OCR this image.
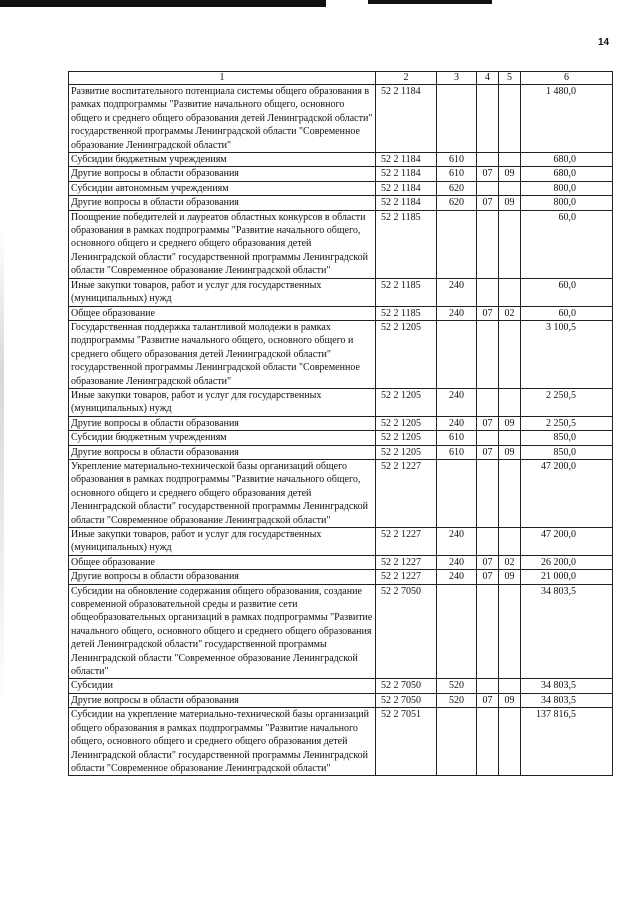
14
1	2	3	4	5	6
Развитие воспитательного потенциала системы общего образования в рамках подпрограммы "Развитие начального общего, основного общего и среднего общего образования детей Ленинградской области" государственной программы Ленинградской области "Современное образование Ленинградской области"	52 2 1184				1 480,0
Субсидии бюджетным учреждениям	52 2 1184	610			680,0
Другие вопросы в области образования	52 2 1184	610	07	09	680,0
Субсидии автономным учреждениям	52 2 1184	620			800,0
Другие вопросы в области образования	52 2 1184	620	07	09	800,0
Поощрение победителей и лауреатов областных конкурсов в области образования в рамках подпрограммы "Развитие начального общего, основного общего и среднего общего образования детей Ленинградской области" государственной программы Ленинградской области "Современное образование Ленинградской области"	52 2 1185				60,0
Иные закупки товаров, работ и услуг для государственных (муниципальных) нужд	52 2 1185	240			60,0
Общее образование	52 2 1185	240	07	02	60,0
Государственная поддержка талантливой молодежи в рамках подпрограммы "Развитие начального общего, основного общего и среднего общего образования детей Ленинградской области" государственной программы Ленинградской области "Современное образование Ленинградской области"	52 2 1205				3 100,5
Иные закупки товаров, работ и услуг для государственных (муниципальных) нужд	52 2 1205	240			2 250,5
Другие вопросы в области образования	52 2 1205	240	07	09	2 250,5
Субсидии бюджетным учреждениям	52 2 1205	610			850,0
Другие вопросы в области образования	52 2 1205	610	07	09	850,0
Укрепление материально-технической базы организаций общего образования в рамках подпрограммы "Развитие начального общего, основного общего и среднего общего образования детей Ленинградской области" государственной программы Ленинградской области "Современное образование Ленинградской области"	52 2 1227				47 200,0
Иные закупки товаров, работ и услуг для государственных (муниципальных) нужд	52 2 1227	240			47 200,0
Общее образование	52 2 1227	240	07	02	26 200,0
Другие вопросы в области образования	52 2 1227	240	07	09	21 000,0
Субсидии на обновление содержания общего образования, создание современной образовательной среды и развитие сети общеобразовательных организаций в рамках подпрограммы "Развитие начального общего, основного общего и среднего общего образования детей Ленинградской области" государственной программы Ленинградской области "Современное образование Ленинградской области"	52 2 7050				34 803,5
Субсидии	52 2 7050	520			34 803,5
Другие вопросы в области образования	52 2 7050	520	07	09	34 803,5
Субсидии на укрепление материально-технической базы организаций общего образования в рамках подпрограммы "Развитие начального общего, основного общего и среднего общего образования детей Ленинградской области" государственной программы Ленинградской области "Современное образование Ленинградской области"	52 2 7051				137 816,5
